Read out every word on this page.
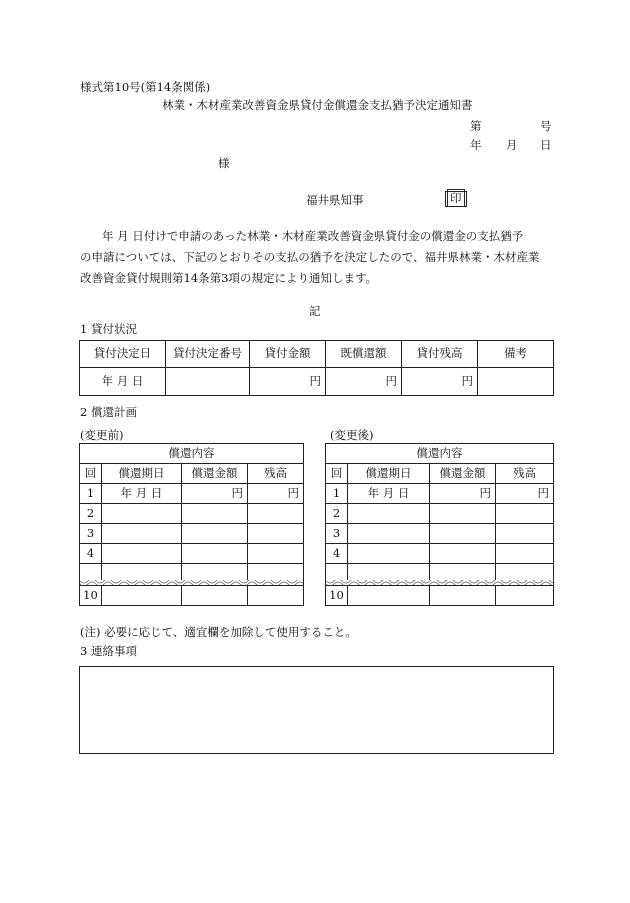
様式第10号(第14条関係)
林業・木材産業改善資金県貸付金償還金支払猶予決定通知書
第	号
年 月 日
様
福井県知事	印
年 月 日付けで申請のあった林業・木材産業改善資金県貸付金の償還金の支払猶予
の申請については、下記のとおりその支払の猶予を決定したので、福井県林業・木材産業
改善資金貸付規則第14条第3項の規定により通知します。
記
1 貸付状況
貸付決定日	貸付決定番号	貸付金額	既償還額	貸付残高	備考
年 月 日		円	円	円	
2 償還計画
(変更前)	(変更後)
償還内容			
回	償還期日	償還金額	残高
1	年 月 日	円	円
2			
3			
4			

10			
償還内容			
回	償還期日	償還金額	残高
1	年 月 日	円	円
2			
3			
4			

10			
(注) 必要に応じて、適宜欄を加除して使用すること。
3 連絡事項
